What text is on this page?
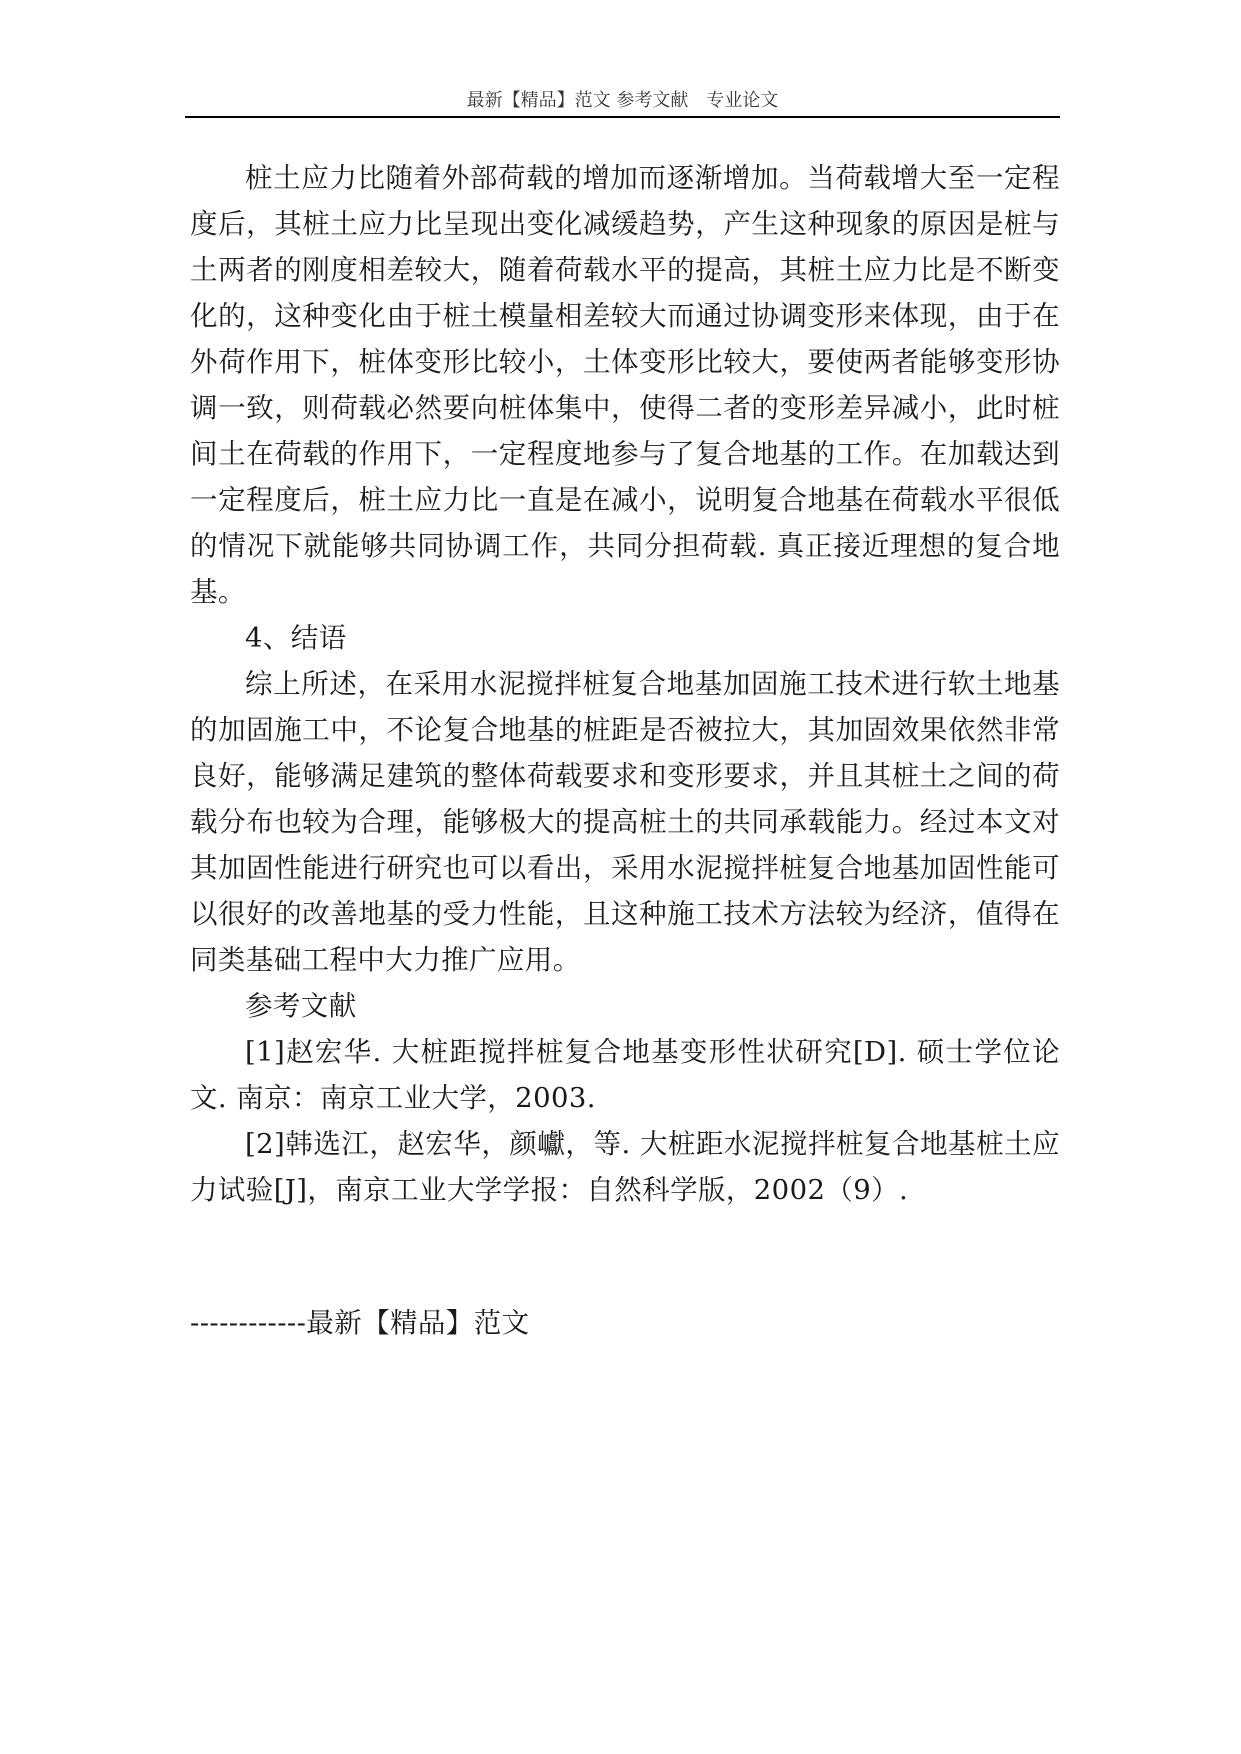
最新【精品】范文 参考文献　专业论文

桩土应力比随着外部荷载的增加而逐渐增加。当荷载增大至一定程度后，其桩土应力比呈现出变化减缓趋势，产生这种现象的原因是桩与土两者的刚度相差较大，随着荷载水平的提高，其桩土应力比是不断变化的，这种变化由于桩土模量相差较大而通过协调变形来体现，由于在外荷作用下，桩体变形比较小，土体变形比较大，要使两者能够变形协调一致，则荷载必然要向桩体集中，使得二者的变形差异减小，此时桩间土在荷载的作用下，一定程度地参与了复合地基的工作。在加载达到一定程度后，桩土应力比一直是在减小，说明复合地基在荷载水平很低的情况下就能够共同协调工作，共同分担荷载. 真正接近理想的复合地基。

4、结语

综上所述，在采用水泥搅拌桩复合地基加固施工技术进行软土地基的加固施工中，不论复合地基的桩距是否被拉大，其加固效果依然非常良好，能够满足建筑的整体荷载要求和变形要求，并且其桩土之间的荷载分布也较为合理，能够极大的提高桩土的共同承载能力。经过本文对其加固性能进行研究也可以看出，采用水泥搅拌桩复合地基加固性能可以很好的改善地基的受力性能，且这种施工技术方法较为经济，值得在同类基础工程中大力推广应用。

参考文献

[1]赵宏华. 大桩距搅拌桩复合地基变形性状研究[D]. 硕士学位论文. 南京：南京工业大学，2003.

[2]韩选江，赵宏华，颜巘，等. 大桩距水泥搅拌桩复合地基桩土应力试验[J]，南京工业大学学报：自然科学版，2002（9）.

------------最新【精品】范文
